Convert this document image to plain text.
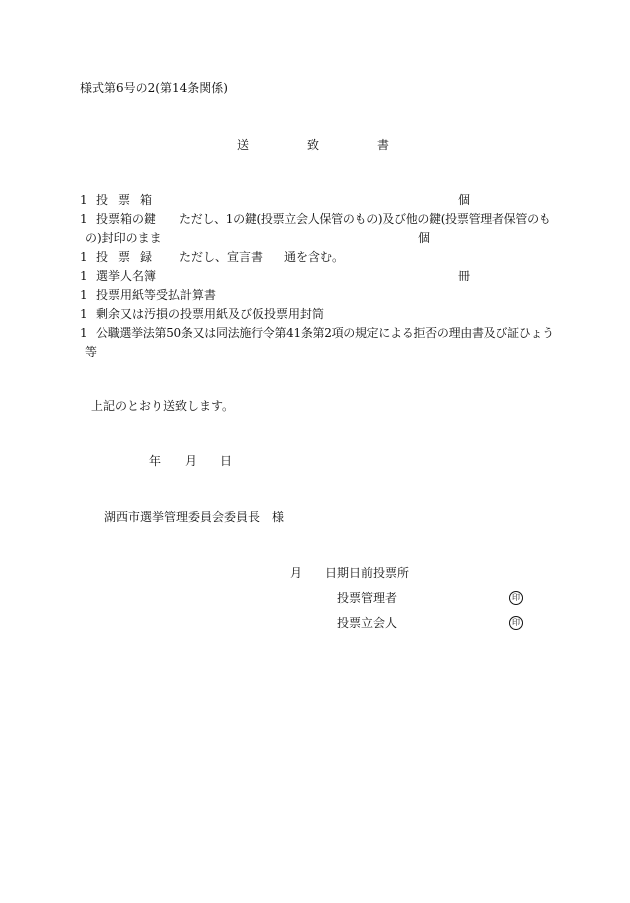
様式第6号の2(第14条関係)
送	致	書
1 投票箱	個
1 投票箱の鍵 ただし、1の鍵(投票立会人保管のもの)及び他の鍵(投票管理者保管のも
の)封印のまま	個
1 投票録 ただし、宣言書 通を含む。
1 選挙人名簿	冊
1 投票用紙等受払計算書
1 剰余又は汚損の投票用紙及び仮投票用封筒
1 公職選挙法第50条又は同法施行令第41条第2項の規定による拒否の理由書及び証ひょう
等
上記のとおり送致します。
年 月 日
湖西市選挙管理委員会委員長　様
月 日期日前投票所
投票管理者	印
投票立会人	印
